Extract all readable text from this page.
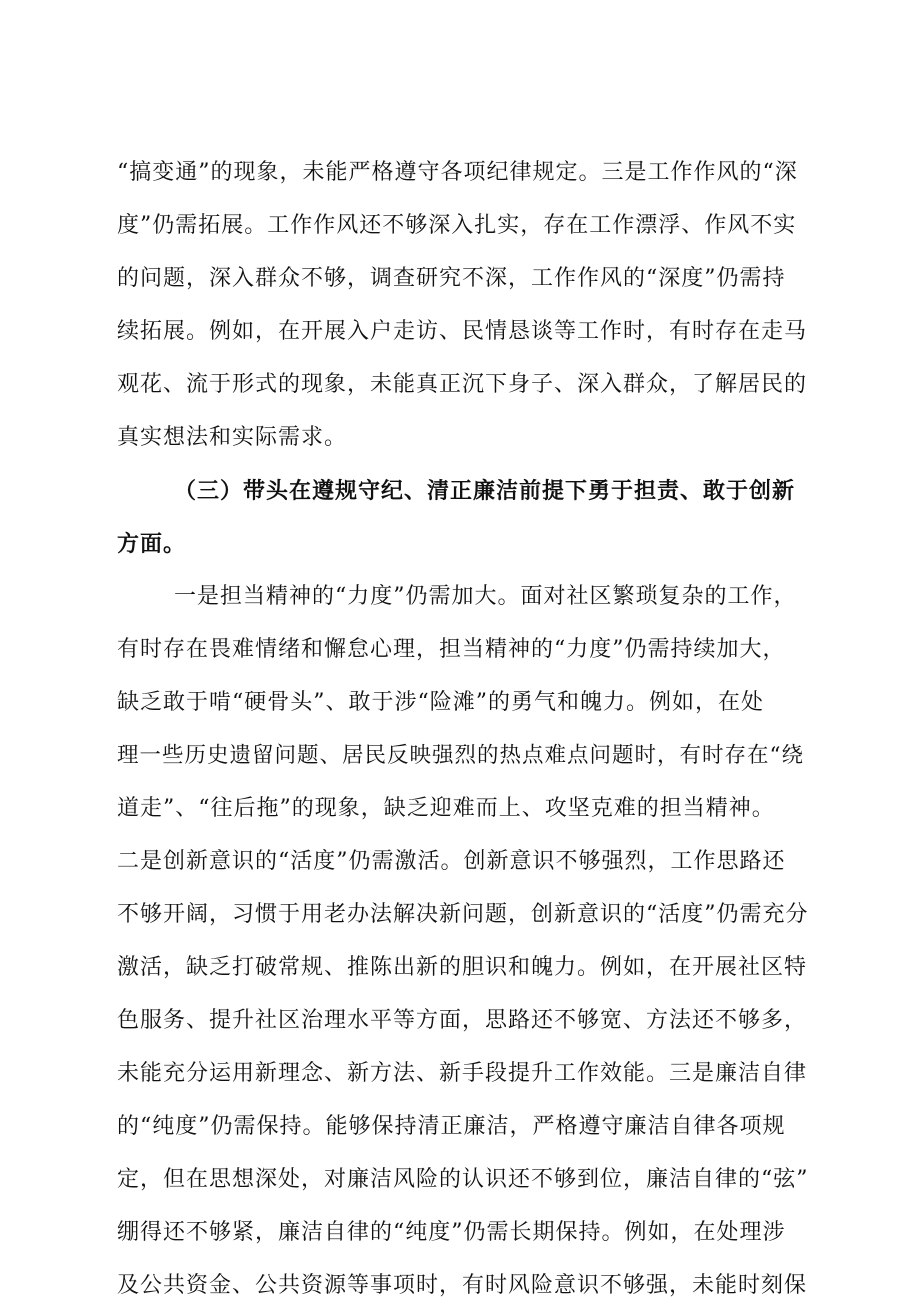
“搞变通”的现象，未能严格遵守各项纪律规定。三是工作作风的“深
度”仍需拓展。工作作风还不够深入扎实，存在工作漂浮、作风不实
的问题，深入群众不够，调查研究不深，工作作风的“深度”仍需持
续拓展。例如，在开展入户走访、民情恳谈等工作时，有时存在走马
观花、流于形式的现象，未能真正沉下身子、深入群众，了解居民的
真实想法和实际需求。
（三）带头在遵规守纪、清正廉洁前提下勇于担责、敢于创新
方面。
一是担当精神的“力度”仍需加大。面对社区繁琐复杂的工作，
有时存在畏难情绪和懈怠心理，担当精神的“力度”仍需持续加大，
缺乏敢于啃“硬骨头”、敢于涉“险滩”的勇气和魄力。例如，在处
理一些历史遗留问题、居民反映强烈的热点难点问题时，有时存在“绕
道走”、“往后拖”的现象，缺乏迎难而上、攻坚克难的担当精神。
二是创新意识的“活度”仍需激活。创新意识不够强烈，工作思路还
不够开阔，习惯于用老办法解决新问题，创新意识的“活度”仍需充分
激活，缺乏打破常规、推陈出新的胆识和魄力。例如，在开展社区特
色服务、提升社区治理水平等方面，思路还不够宽、方法还不够多，
未能充分运用新理念、新方法、新手段提升工作效能。三是廉洁自律
的“纯度”仍需保持。能够保持清正廉洁，严格遵守廉洁自律各项规
定，但在思想深处，对廉洁风险的认识还不够到位，廉洁自律的“弦”
绷得还不够紧，廉洁自律的“纯度”仍需长期保持。例如，在处理涉
及公共资金、公共资源等事项时，有时风险意识不够强，未能时刻保
